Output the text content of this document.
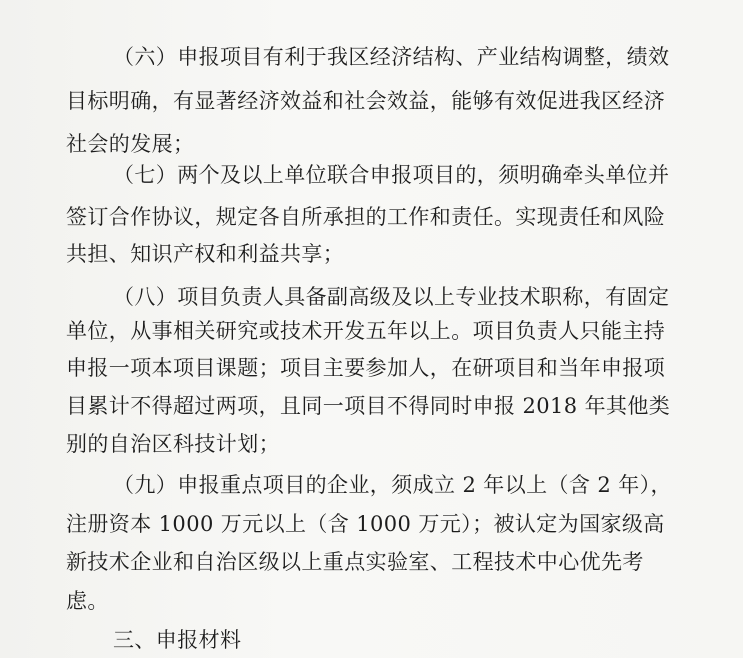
（六）申报项目有利于我区经济结构、产业结构调整，绩效
目标明确，有显著经济效益和社会效益，能够有效促进我区经济
社会的发展；
（七）两个及以上单位联合申报项目的，须明确牵头单位并
签订合作协议，规定各自所承担的工作和责任。实现责任和风险
共担、知识产权和利益共享；
（八）项目负责人具备副高级及以上专业技术职称，有固定
单位，从事相关研究或技术开发五年以上。项目负责人只能主持
申报一项本项目课题；项目主要参加人，在研项目和当年申报项
目累计不得超过两项，且同一项目不得同时申报 2018 年其他类
别的自治区科技计划；
（九）申报重点项目的企业，须成立 2 年以上（含 2 年），
注册资本 1000 万元以上（含 1000 万元）；被认定为国家级高
新技术企业和自治区级以上重点实验室、工程技术中心优先考
虑。
三、申报材料
